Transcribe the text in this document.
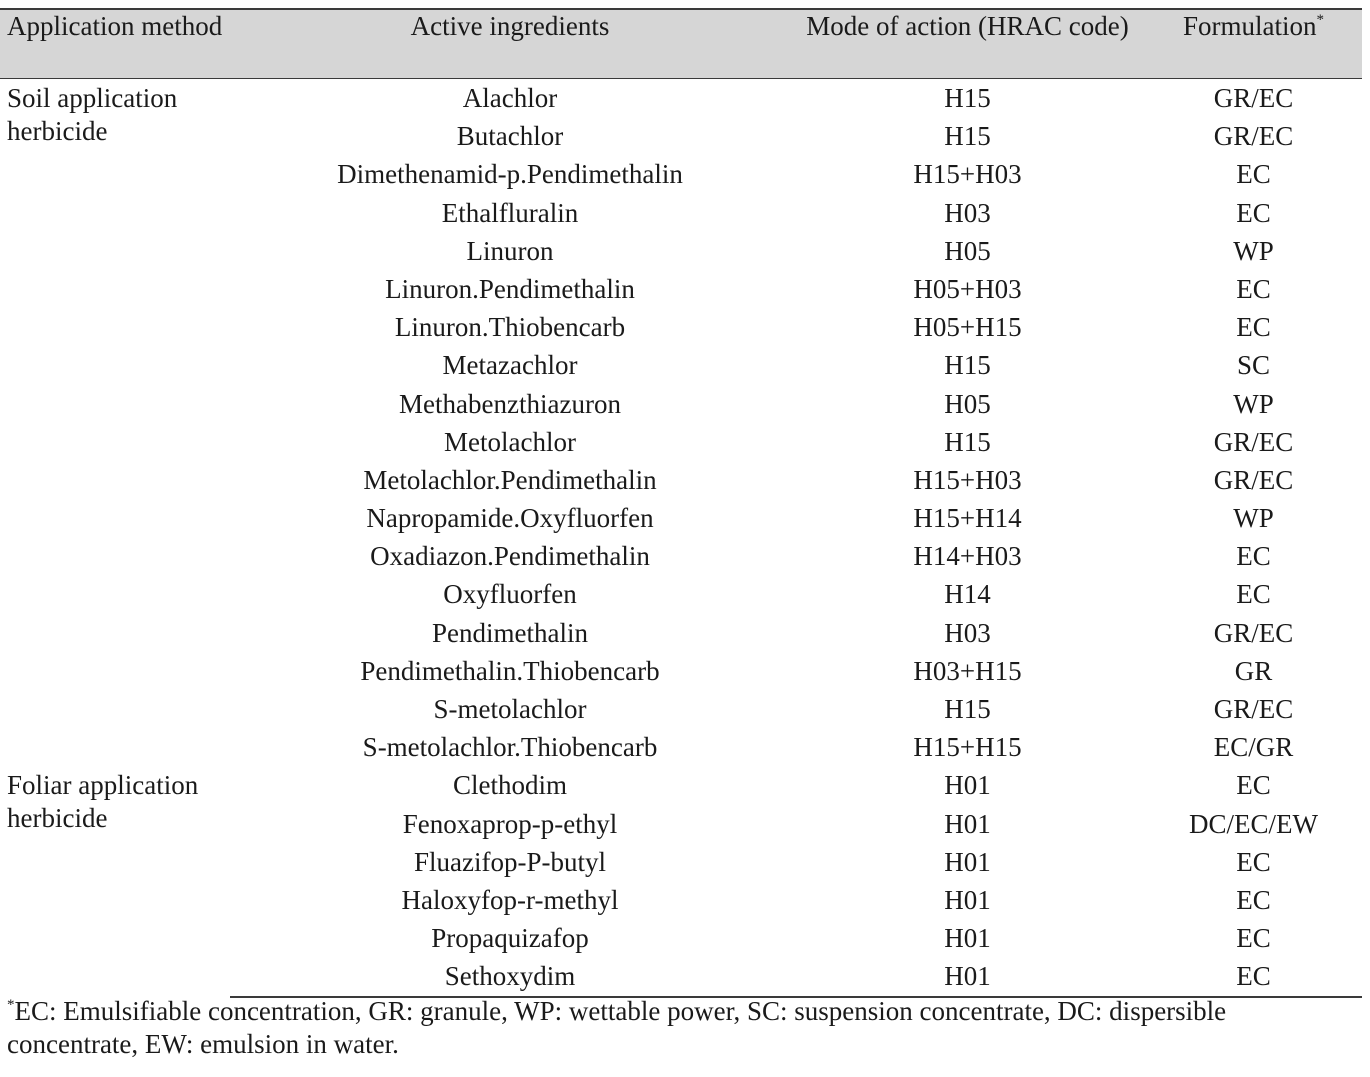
Application method	Active ingredients	Mode of action (HRAC code)	Formulation*
Soil application herbicide	Alachlor	H15	GR/EC
	Butachlor	H15	GR/EC
	Dimethenamid-p.Pendimethalin	H15+H03	EC
	Ethalfluralin	H03	EC
	Linuron	H05	WP
	Linuron.Pendimethalin	H05+H03	EC
	Linuron.Thiobencarb	H05+H15	EC
	Metazachlor	H15	SC
	Methabenzthiazuron	H05	WP
	Metolachlor	H15	GR/EC
	Metolachlor.Pendimethalin	H15+H03	GR/EC
	Napropamide.Oxyfluorfen	H15+H14	WP
	Oxadiazon.Pendimethalin	H14+H03	EC
	Oxyfluorfen	H14	EC
	Pendimethalin	H03	GR/EC
	Pendimethalin.Thiobencarb	H03+H15	GR
	S-metolachlor	H15	GR/EC
	S-metolachlor.Thiobencarb	H15+H15	EC/GR
Foliar application herbicide	Clethodim	H01	EC
	Fenoxaprop-p-ethyl	H01	DC/EC/EW
	Fluazifop-P-butyl	H01	EC
	Haloxyfop-r-methyl	H01	EC
	Propaquizafop	H01	EC
	Sethoxydim	H01	EC
*EC: Emulsifiable concentration, GR: granule, WP: wettable power, SC: suspension concentrate, DC: dispersible concentrate, EW: emulsion in water.
